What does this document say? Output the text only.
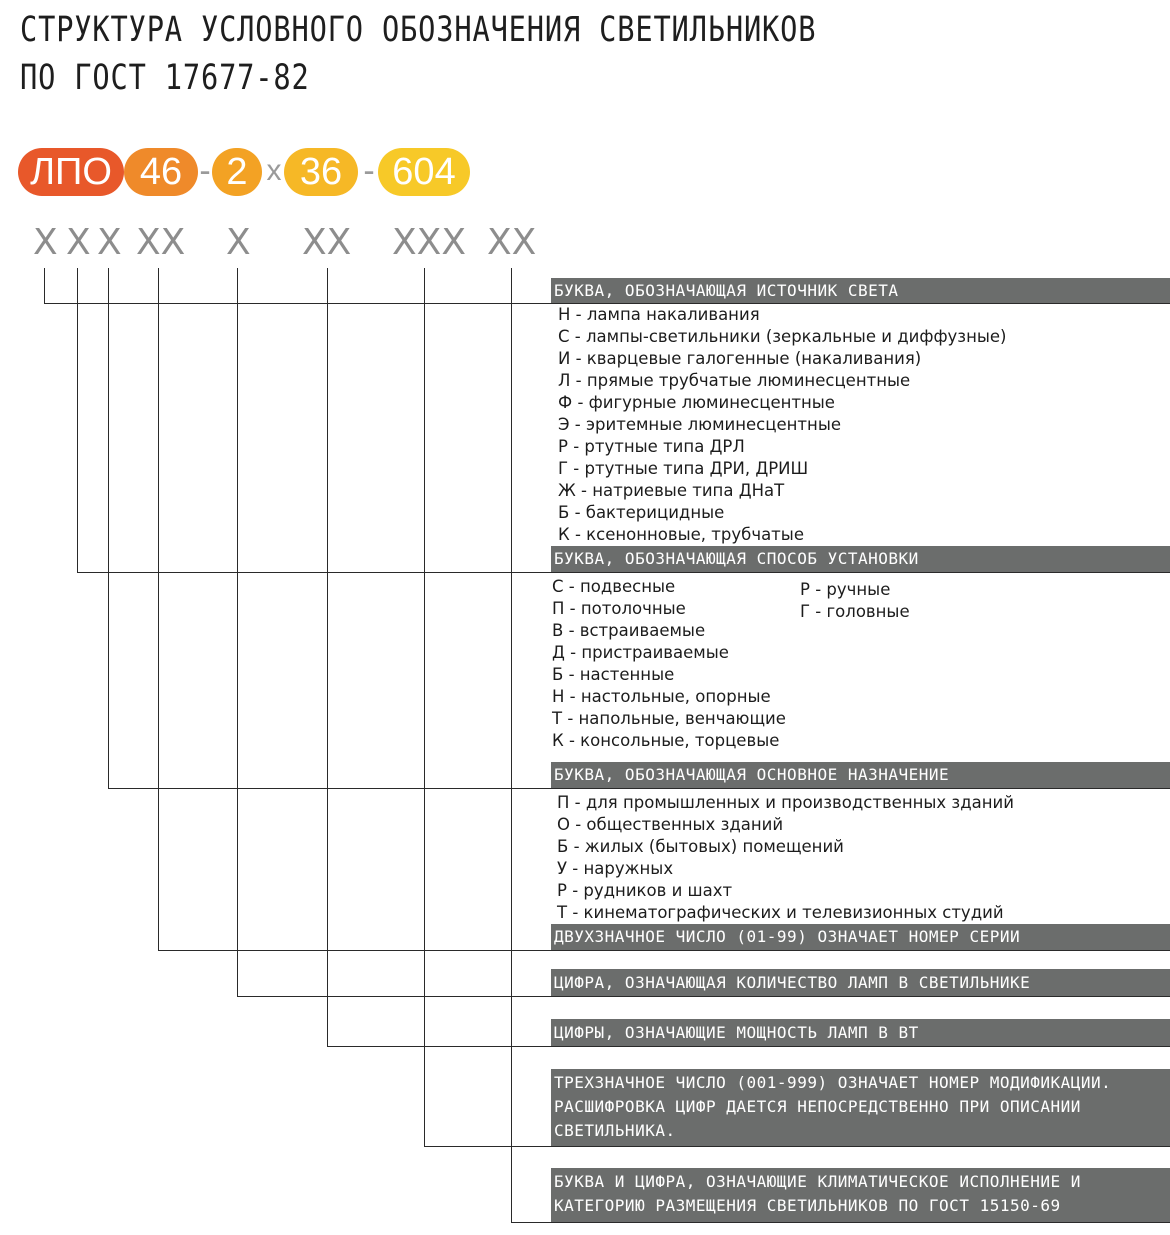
СТРУКТУРА УСЛОВНОГО ОБОЗНАЧЕНИЯ СВЕТИЛЬНИКОВ
ПО ГОСТ 17677-82
ЛПО 46 - 2 x 36 - 604
X X X XX X XX XXX XX
БУКВА, ОБОЗНАЧАЮЩАЯ ИСТОЧНИК СВЕТА
БУКВА, ОБОЗНАЧАЮЩАЯ СПОСОБ УСТАНОВКИ
БУКВА, ОБОЗНАЧАЮЩАЯ ОСНОВНОЕ НАЗНАЧЕНИЕ
ДВУХЗНАЧНОЕ ЧИСЛО (01-99) ОЗНАЧАЕТ НОМЕР СЕРИИ
ЦИФРА, ОЗНАЧАЮЩАЯ КОЛИЧЕСТВО ЛАМП В СВЕТИЛЬНИКЕ
ЦИФРЫ, ОЗНАЧАЮЩИЕ МОЩНОСТЬ ЛАМП В ВТ
ТРЕХЗНАЧНОЕ ЧИСЛО (001-999) ОЗНАЧАЕТ НОМЕР МОДИФИКАЦИИ.
РАСШИФРОВКА ЦИФР ДАЕТСЯ НЕПОСРЕДСТВЕННО ПРИ ОПИСАНИИ
СВЕТИЛЬНИКА.
БУКВА И ЦИФРА, ОЗНАЧАЮЩИЕ КЛИМАТИЧЕСКОЕ ИСПОЛНЕНИЕ И
КАТЕГОРИЮ РАЗМЕЩЕНИЯ СВЕТИЛЬНИКОВ ПО ГОСТ 15150-69
Н - лампа накаливания
С - лампы-светильники (зеркальные и диффузные)
И - кварцевые галогенные (накаливания)
Л - прямые трубчатые люминесцентные
Ф - фигурные люминесцентные
Э - эритемные люминесцентные
Р - ртутные типа ДРЛ
Г - ртутные типа ДРИ, ДРИШ
Ж - натриевые типа ДНаТ
Б - бактерицидные
К - ксенонновые, трубчатые
С - подвесные
П - потолочные
В - встраиваемые
Д - пристраиваемые
Б - настенные
Н - настольные, опорные
Т - напольные, венчающие
К - консольные, торцевые
Р - ручные
Г - головные
П - для промышленных и производственных зданий
О - общественных зданий
Б - жилых (бытовых) помещений
У - наружных
Р - рудников и шахт
Т - кинематографических и телевизионных студий
